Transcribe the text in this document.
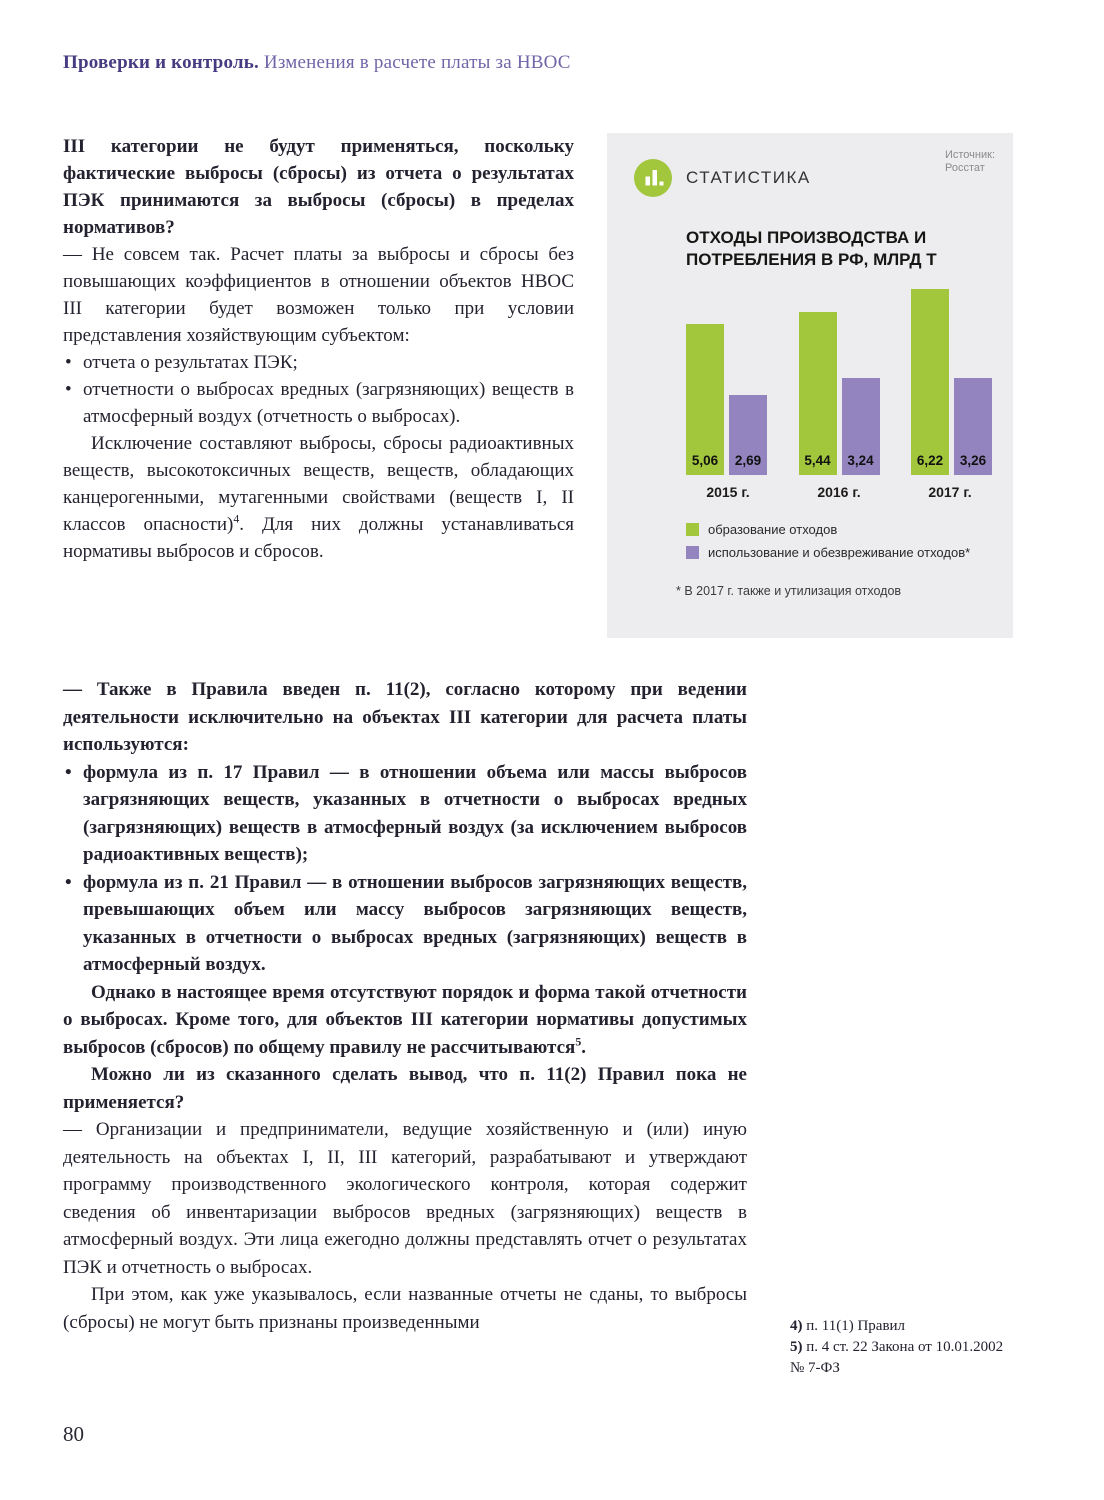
Проверки и контроль. Изменения в расчете платы за НВОС

III категории не будут применяться, поскольку фактические выбросы (сбросы) из отчета о результатах ПЭК принимаются за выбросы (сбросы) в пределах нормативов?

— Не совсем так. Расчет платы за выбросы и сбросы без повышающих коэффициентов в отношении объектов НВОС III категории будет возможен только при условии представления хозяйствующим субъектом:

• отчета о результатах ПЭК;
• отчетности о выбросах вредных (загрязняющих) веществ в атмосферный воздух (отчетность о выбросах).

Исключение составляют выбросы, сбросы радиоактивных веществ, высокотоксичных веществ, веществ, обладающих канцерогенными, мутагенными свойствами (веществ I, II классов опасности)$^4$. Для них должны устанавливаться нормативы выбросов и сбросов.

Источник:
Росстат
СТАТИСТИКА
ОТХОДЫ ПРОИЗВОДСТВА И ПОТРЕБЛЕНИЯ В РФ, МЛРД Т
5,06	2,69	5,44	3,24	6,22	3,26
2015 г.	2016 г.	2017 г.
образование отходов
использование и обезвреживание отходов*
* В 2017 г. также и утилизация отходов

— Также в Правила введен п. 11(2), согласно которому при ведении деятельности исключительно на объектах III категории для расчета платы используются:

• формула из п. 17 Правил — в отношении объема или массы выбросов загрязняющих веществ, указанных в отчетности о выбросах вредных (загрязняющих) веществ в атмосферный воздух (за исключением выбросов радиоактивных веществ);
• формула из п. 21 Правил — в отношении выбросов загрязняющих веществ, превышающих объем или массу выбросов загрязняющих веществ, указанных в отчетности о выбросах вредных (загрязняющих) веществ в атмосферный воздух.

Однако в настоящее время отсутствуют порядок и форма такой отчетности о выбросах. Кроме того, для объектов III категории нормативы допустимых выбросов (сбросов) по общему правилу не рассчитываются$^5$.

Можно ли из сказанного сделать вывод, что п. 11(2) Правил пока не применяется?

— Организации и предприниматели, ведущие хозяйственную и (или) иную деятельность на объектах I, II, III категорий, разрабатывают и утверждают программу производственного экологического контроля, которая содержит сведения об инвентаризации выбросов вредных (загрязняющих) веществ в атмосферный воздух. Эти лица ежегодно должны представлять отчет о результатах ПЭК и отчетность о выбросах.

При этом, как уже указывалось, если названные отчеты не сданы, то выбросы (сбросы) не могут быть признаны произведенными	4) п. 11(1) Правил
5) п. 4 ст. 22 Закона от 10.01.2002 № 7-ФЗ
80
